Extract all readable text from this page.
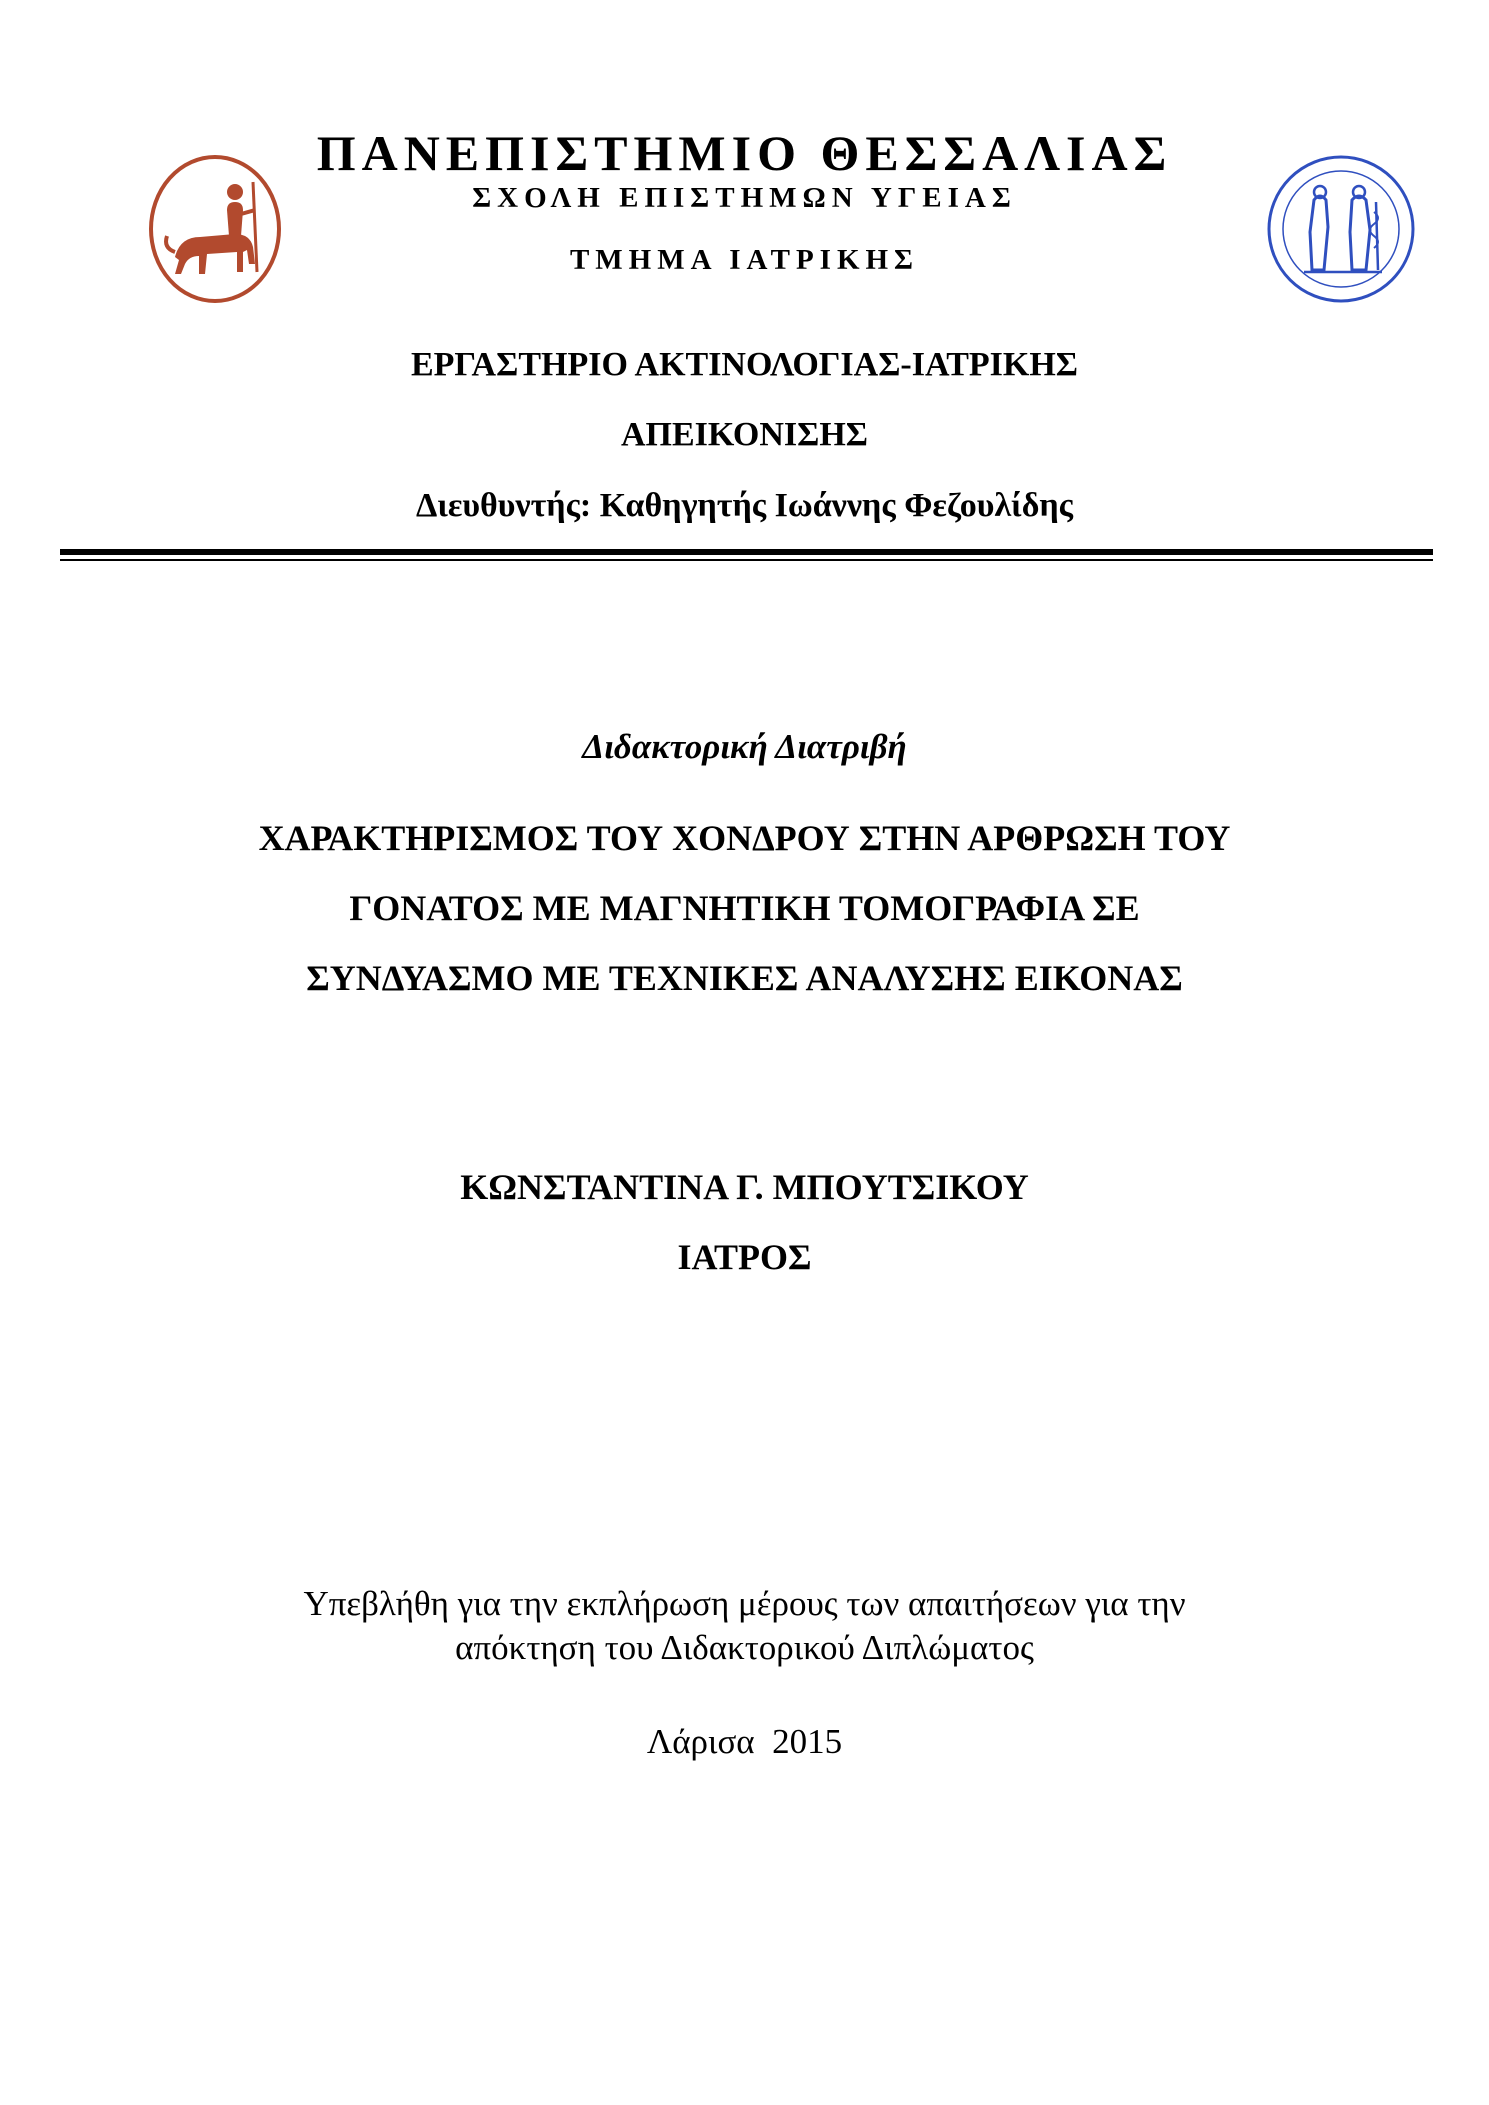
ΠΑΝΕΠΙΣΤΗΜΙΟ ΘΕΣΣΑΛΙΑΣ
ΣΧΟΛΗ ΕΠΙΣΤΗΜΩΝ ΥΓΕΙΑΣ
ΤΜΗΜΑ ΙΑΤΡΙΚΗΣ
ΕΡΓΑΣΤΗΡΙΟ ΑΚΤΙΝΟΛΟΓΙΑΣ-ΙΑΤΡΙΚΗΣ
ΑΠΕΙΚΟΝΙΣΗΣ
Διευθυντής: Καθηγητής Ιωάννης Φεζουλίδης
Διδακτορική Διατριβή
ΧΑΡΑΚΤΗΡΙΣΜΟΣ ΤΟΥ ΧΟΝΔΡΟΥ ΣΤΗΝ ΑΡΘΡΩΣΗ ΤΟΥ
ΓΟΝΑΤΟΣ ΜΕ ΜΑΓΝΗΤΙΚΗ ΤΟΜΟΓΡΑΦΙΑ ΣΕ
ΣΥΝΔΥΑΣΜΟ ΜΕ ΤΕΧΝΙΚΕΣ ΑΝΑΛΥΣΗΣ ΕΙΚΟΝΑΣ
ΚΩΝΣΤΑΝΤΙΝΑ Γ. ΜΠΟΥΤΣΙΚΟΥ
ΙΑΤΡΟΣ
Υπεβλήθη για την εκπλήρωση μέρους των απαιτήσεων για την
απόκτηση του Διδακτορικού Διπλώματος
Λάρισα  2015
